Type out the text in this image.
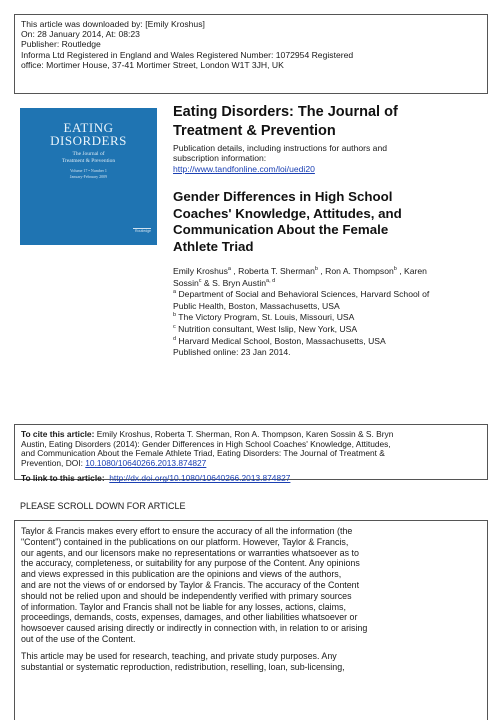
This article was downloaded by: [Emily Kroshus]
On: 28 January 2014, At: 08:23
Publisher: Routledge
Informa Ltd Registered in England and Wales Registered Number: 1072954 Registered
office: Mortimer House, 37-41 Mortimer Street, London W1T 3JH, UK
EATING
DISORDERS
The Journal of
Treatment & Prevention
Volume 17 • Number 1
January-February 2009
Routledge
Eating Disorders: The Journal of
Treatment & Prevention
Publication details, including instructions for authors and
subscription information:
http://www.tandfonline.com/loi/uedi20
Gender Differences in High School
Coaches' Knowledge, Attitudes, and
Communication About the Female
Athlete Triad
Emily Kroshus$^a$ , Roberta T. Sherman$^b$ , Ron A. Thompson$^b$ , Karen
Sossin$^c$ & S. Bryn Austin$^{a, d}$
$^a$ Department of Social and Behavioral Sciences, Harvard School of
Public Health, Boston, Massachusetts, USA
$^b$ The Victory Program, St. Louis, Missouri, USA
$^c$ Nutrition consultant, West Islip, New York, USA
$^d$ Harvard Medical School, Boston, Massachusetts, USA
Published online: 23 Jan 2014.
To cite this article: Emily Kroshus, Roberta T. Sherman, Ron A. Thompson, Karen Sossin & S. Bryn
Austin, Eating Disorders (2014): Gender Differences in High School Coaches' Knowledge, Attitudes,
and Communication About the Female Athlete Triad, Eating Disorders: The Journal of Treatment &
Prevention, DOI: 10.1080/10640266.2013.874827
To link to this article: http://dx.doi.org/10.1080/10640266.2013.874827
PLEASE SCROLL DOWN FOR ARTICLE
Taylor & Francis makes every effort to ensure the accuracy of all the information (the
"Content") contained in the publications on our platform. However, Taylor & Francis,
our agents, and our licensors make no representations or warranties whatsoever as to
the accuracy, completeness, or suitability for any purpose of the Content. Any opinions
and views expressed in this publication are the opinions and views of the authors,
and are not the views of or endorsed by Taylor & Francis. The accuracy of the Content
should not be relied upon and should be independently verified with primary sources
of information. Taylor and Francis shall not be liable for any losses, actions, claims,
proceedings, demands, costs, expenses, damages, and other liabilities whatsoever or
howsoever caused arising directly or indirectly in connection with, in relation to or arising
out of the use of the Content.
This article may be used for research, teaching, and private study purposes. Any
substantial or systematic reproduction, redistribution, reselling, loan, sub-licensing,
